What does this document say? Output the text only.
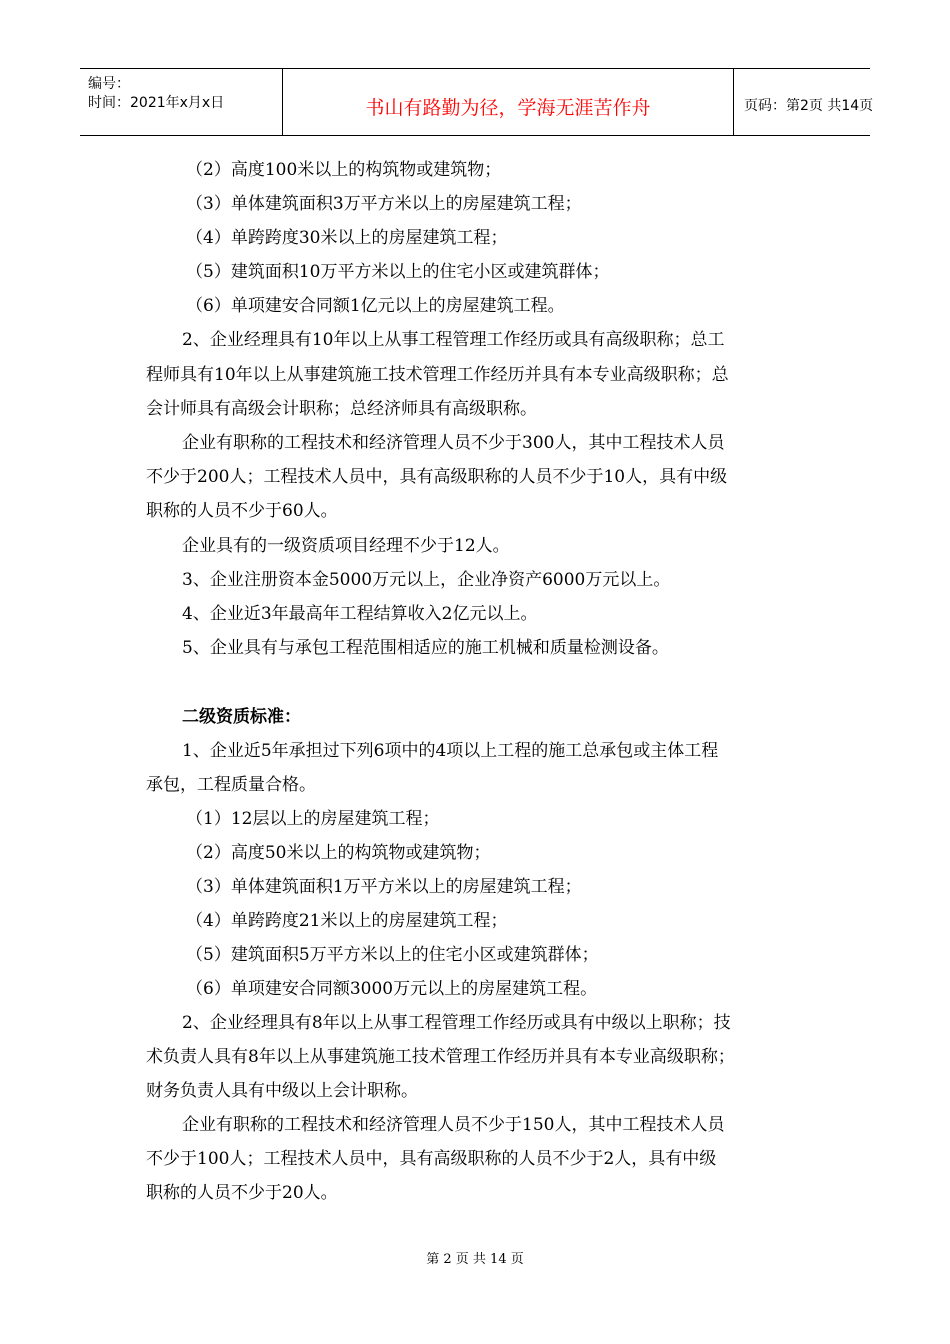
编号：
时间：2021年x月x日	书山有路勤为径，学海无涯苦作舟	页码：第2页 共14页
（2）高度100米以上的构筑物或建筑物；
（3）单体建筑面积3万平方米以上的房屋建筑工程；
（4）单跨跨度30米以上的房屋建筑工程；
（5）建筑面积10万平方米以上的住宅小区或建筑群体；
（6）单项建安合同额1亿元以上的房屋建筑工程。
2、企业经理具有10年以上从事工程管理工作经历或具有高级职称；总工
程师具有10年以上从事建筑施工技术管理工作经历并具有本专业高级职称；总
会计师具有高级会计职称；总经济师具有高级职称。
企业有职称的工程技术和经济管理人员不少于300人，其中工程技术人员
不少于200人；工程技术人员中，具有高级职称的人员不少于10人，具有中级
职称的人员不少于60人。
企业具有的一级资质项目经理不少于12人。
3、企业注册资本金5000万元以上，企业净资产6000万元以上。
4、企业近3年最高年工程结算收入2亿元以上。
5、企业具有与承包工程范围相适应的施工机械和质量检测设备。
二级资质标准：
1、企业近5年承担过下列6项中的4项以上工程的施工总承包或主体工程
承包，工程质量合格。
（1）12层以上的房屋建筑工程；
（2）高度50米以上的构筑物或建筑物；
（3）单体建筑面积1万平方米以上的房屋建筑工程；
（4）单跨跨度21米以上的房屋建筑工程；
（5）建筑面积5万平方米以上的住宅小区或建筑群体；
（6）单项建安合同额3000万元以上的房屋建筑工程。
2、企业经理具有8年以上从事工程管理工作经历或具有中级以上职称；技
术负责人具有8年以上从事建筑施工技术管理工作经历并具有本专业高级职称；
财务负责人具有中级以上会计职称。
企业有职称的工程技术和经济管理人员不少于150人，其中工程技术人员
不少于100人；工程技术人员中，具有高级职称的人员不少于2人，具有中级
职称的人员不少于20人。
第 2 页 共 14 页
